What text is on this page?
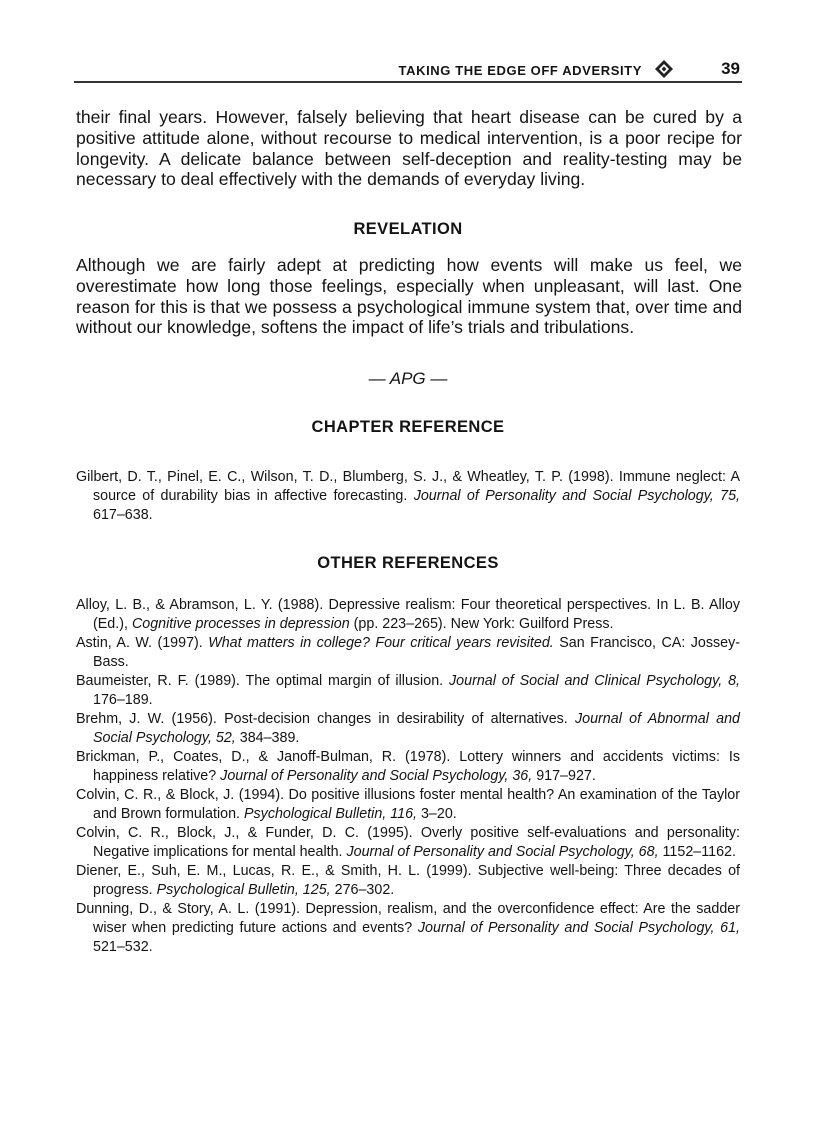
TAKING THE EDGE OFF ADVERSITY	39

their final years. However, falsely believing that heart disease can be cured by a positive attitude alone, without recourse to medical intervention, is a poor recipe for longevity. A delicate balance between self-deception and reality-testing may be necessary to deal effectively with the demands of everyday living.

REVELATION

Although we are fairly adept at predicting how events will make us feel, we overestimate how long those feelings, especially when unpleasant, will last. One reason for this is that we possess a psychological immune system that, over time and without our knowledge, softens the impact of life’s trials and tribulations.

— APG —
CHAPTER REFERENCE
Gilbert, D. T., Pinel, E. C., Wilson, T. D., Blumberg, S. J., & Wheatley, T. P. (1998). Immune neglect: A source of durability bias in affective forecasting. Journal of Personality and Social Psychology, 75, 617–638.
OTHER REFERENCES
Alloy, L. B., & Abramson, L. Y. (1988). Depressive realism: Four theoretical perspectives. In L. B. Alloy (Ed.), Cognitive processes in depression (pp. 223–265). New York: Guilford Press.
Astin, A. W. (1997). What matters in college? Four critical years revisited. San Francisco, CA: Jossey-Bass.
Baumeister, R. F. (1989). The optimal margin of illusion. Journal of Social and Clinical Psychology, 8, 176–189.
Brehm, J. W. (1956). Post-decision changes in desirability of alternatives. Journal of Abnormal and Social Psychology, 52, 384–389.
Brickman, P., Coates, D., & Janoff-Bulman, R. (1978). Lottery winners and accidents victims: Is happiness relative? Journal of Personality and Social Psychology, 36, 917–927.
Colvin, C. R., & Block, J. (1994). Do positive illusions foster mental health? An examination of the Taylor and Brown formulation. Psychological Bulletin, 116, 3–20.
Colvin, C. R., Block, J., & Funder, D. C. (1995). Overly positive self-evaluations and personality: Negative implications for mental health. Journal of Personality and Social Psychology, 68, 1152–1162.
Diener, E., Suh, E. M., Lucas, R. E., & Smith, H. L. (1999). Subjective well-being: Three decades of progress. Psychological Bulletin, 125, 276–302.
Dunning, D., & Story, A. L. (1991). Depression, realism, and the overconfidence effect: Are the sadder wiser when predicting future actions and events? Journal of Personality and Social Psychology, 61, 521–532.
